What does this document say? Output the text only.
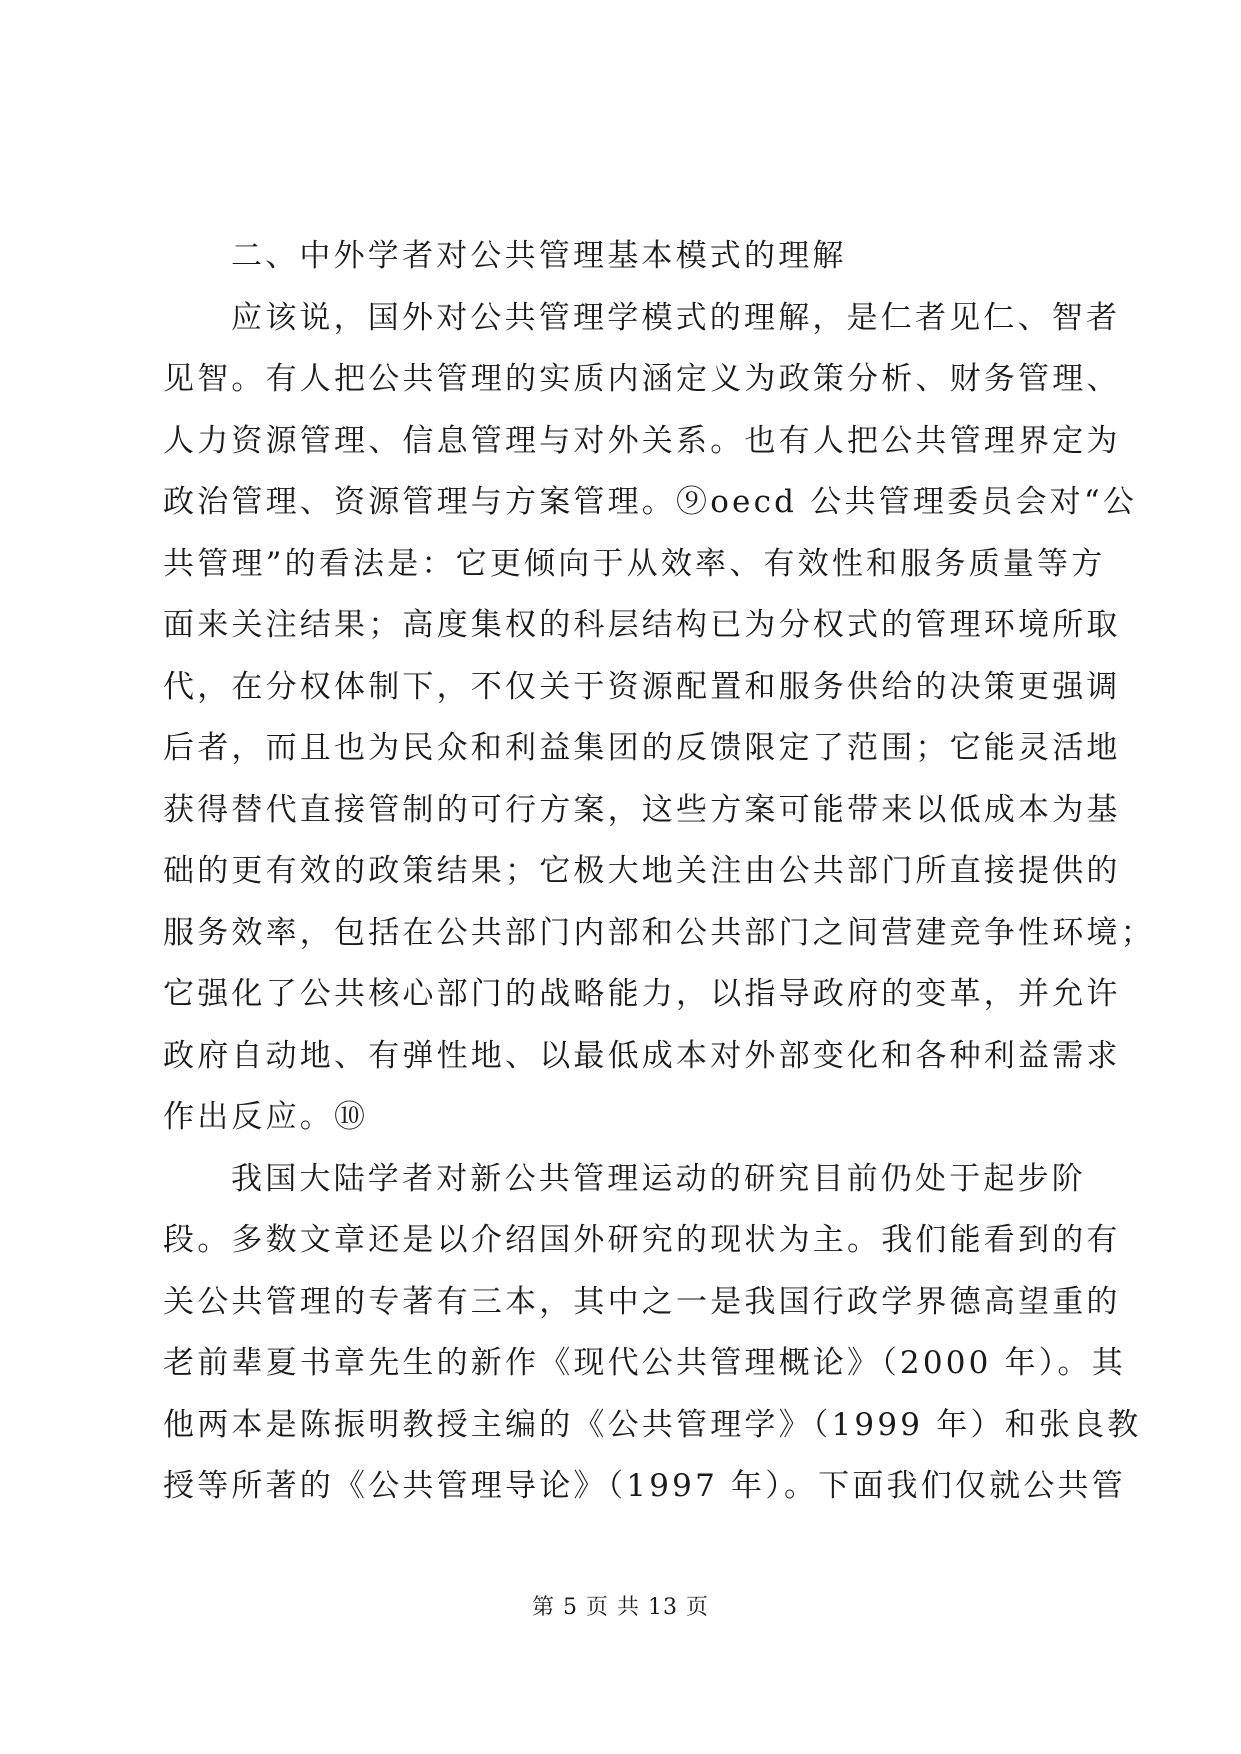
二、中外学者对公共管理基本模式的理解
应该说，国外对公共管理学模式的理解，是仁者见仁、智者
见智。有人把公共管理的实质内涵定义为政策分析、财务管理、
人力资源管理、信息管理与对外关系。也有人把公共管理界定为
政治管理、资源管理与方案管理。⑨oecd 公共管理委员会对“公
共管理”的看法是：它更倾向于从效率、有效性和服务质量等方
面来关注结果；高度集权的科层结构已为分权式的管理环境所取
代，在分权体制下，不仅关于资源配置和服务供给的决策更强调
后者，而且也为民众和利益集团的反馈限定了范围；它能灵活地
获得替代直接管制的可行方案，这些方案可能带来以低成本为基
础的更有效的政策结果；它极大地关注由公共部门所直接提供的
服务效率，包括在公共部门内部和公共部门之间营建竞争性环境；
它强化了公共核心部门的战略能力，以指导政府的变革，并允许
政府自动地、有弹性地、以最低成本对外部变化和各种利益需求
作出反应。⑩
我国大陆学者对新公共管理运动的研究目前仍处于起步阶
段。多数文章还是以介绍国外研究的现状为主。我们能看到的有
关公共管理的专著有三本，其中之一是我国行政学界德高望重的
老前辈夏书章先生的新作《现代公共管理概论》（2000 年）。其
他两本是陈振明教授主编的《公共管理学》（1999 年）和张良教
授等所著的《公共管理导论》（1997 年）。下面我们仅就公共管
第 5 页 共 13 页
